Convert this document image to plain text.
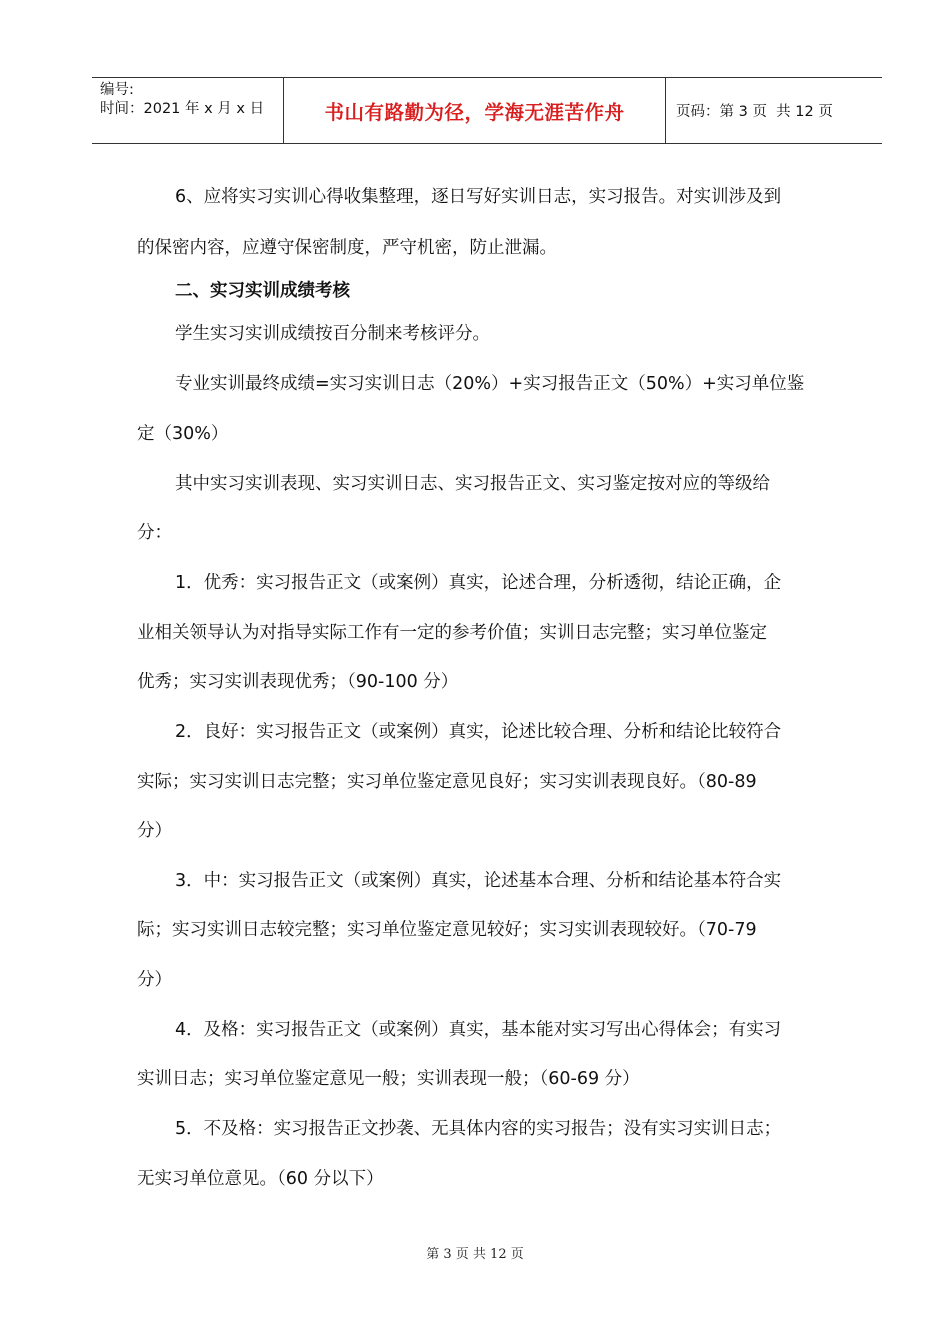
编号:
时间：2021 年 x 月 x 日	书山有路勤为径，学海无涯苦作舟	页码：第 3 页  共 12 页

6、应将实习实训心得收集整理，逐日写好实训日志，实习报告。对实训涉及到

的保密内容，应遵守保密制度，严守机密，防止泄漏。

二、实习实训成绩考核

学生实习实训成绩按百分制来考核评分。

专业实训最终成绩=实习实训日志（20%）+实习报告正文（50%）+实习单位鉴

定（30%）

其中实习实训表现、实习实训日志、实习报告正文、实习鉴定按对应的等级给

分：

1．优秀：实习报告正文（或案例）真实，论述合理，分析透彻，结论正确，企

业相关领导认为对指导实际工作有一定的参考价值；实训日志完整；实习单位鉴定

优秀；实习实训表现优秀；（90-100 分）

2．良好：实习报告正文（或案例）真实，论述比较合理、分析和结论比较符合

实际；实习实训日志完整；实习单位鉴定意见良好；实习实训表现良好。（80-89

分）

3．中：实习报告正文（或案例）真实，论述基本合理、分析和结论基本符合实

际；实习实训日志较完整；实习单位鉴定意见较好；实习实训表现较好。（70-79

分）

4．及格：实习报告正文（或案例）真实，基本能对实习写出心得体会；有实习

实训日志；实习单位鉴定意见一般；实训表现一般；（60-69 分）

5．不及格：实习报告正文抄袭、无具体内容的实习报告；没有实习实训日志；

无实习单位意见。（60 分以下）

第 3 页 共 12 页
